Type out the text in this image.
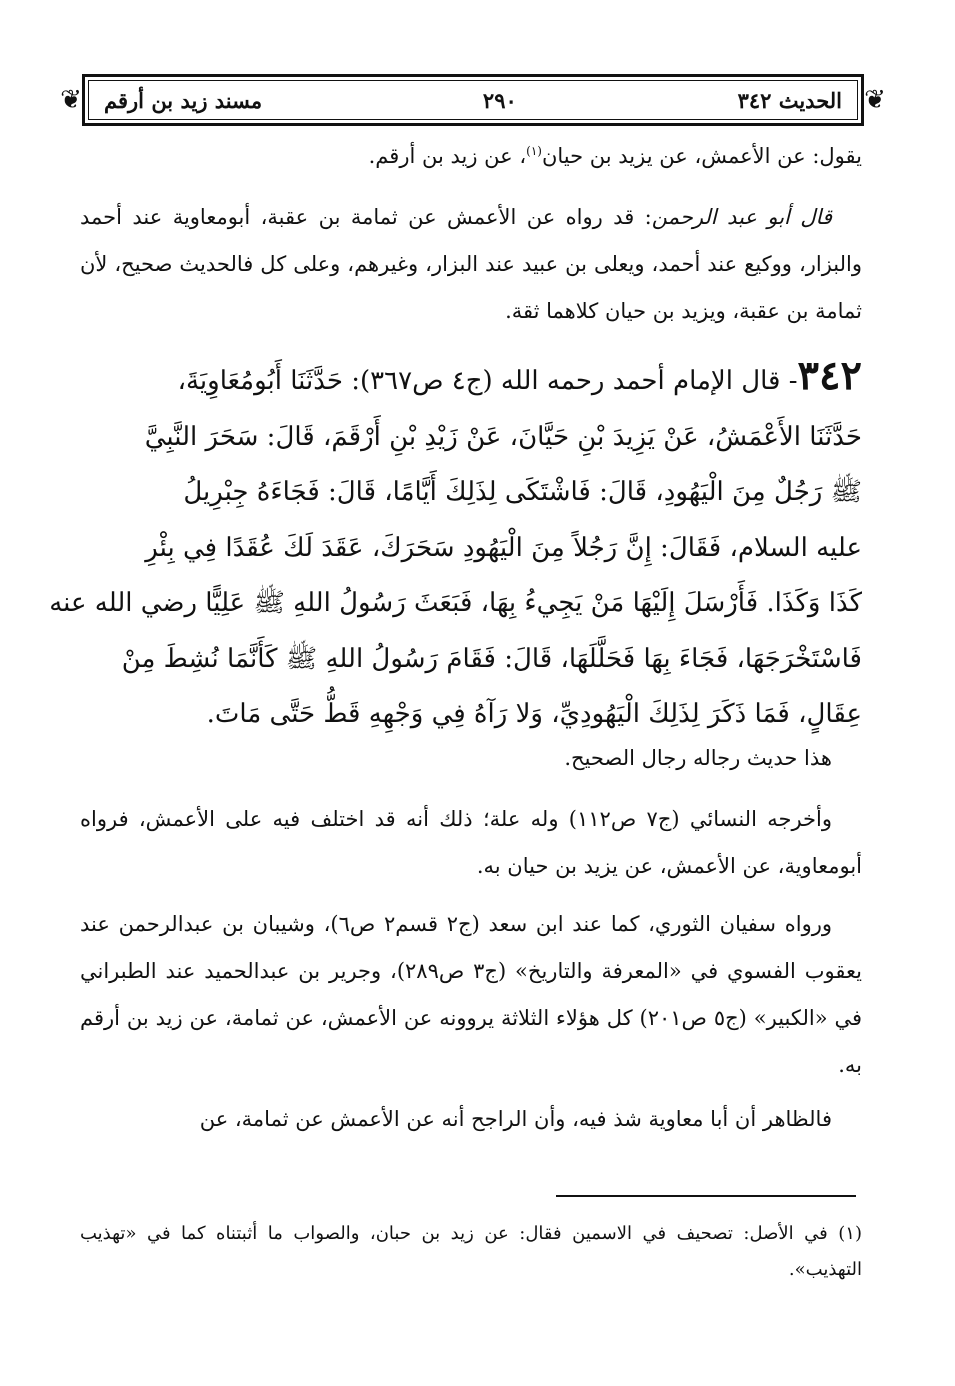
❦	الحديث ٣٤٢
٢٩٠
مسند زيد بن أرقم	❦
يقول: عن الأعمش، عن يزيد بن حيان$^{(١)}$، عن زيد بن أرقم.
قال أبو عبد الرحمن: قد رواه عن الأعمش عن ثمامة بن عقبة، أبومعاوية عند أحمد والبزار، ووكيع عند أحمد، ويعلى بن عبيد عند البزار، وغيرهم، وعلى كل فالحديث صحيح، لأن ثمامة بن عقبة، ويزيد بن حيان كلاهما ثقة.
٣٤٢- قال الإمام أحمد رحمه الله (ج٤ ص٣٦٧): حَدَّثَنَا أَبُومُعَاوِيَةَ،
حَدَّثَنَا الأَعْمَشُ، عَنْ يَزِيدَ بْنِ حَيَّانَ، عَنْ زَيْدِ بْنِ أَرْقَمَ، قَالَ: سَحَرَ النَّبِيَّ
ﷺ رَجُلٌ مِنَ الْيَهُودِ، قَالَ: فَاشْتَكَى لِذَلِكَ أَيَّامًا، قَالَ: فَجَاءَهُ جِبْرِيلُ
عليه السلام، فَقَالَ: إِنَّ رَجُلاً مِنَ الْيَهُودِ سَحَرَكَ، عَقَدَ لَكَ عُقَدًا فِي بِئْرِ
كَذَا وَكَذَا. فَأَرْسَلَ إِلَيْهَا مَنْ يَجِيءُ بِهَا، فَبَعَثَ رَسُولُ اللهِ ﷺ عَلِيًّا رضي الله عنه
فَاسْتَخْرَجَهَا، فَجَاءَ بِهَا فَحَلَّلَهَا، قَالَ: فَقَامَ رَسُولُ اللهِ ﷺ كَأَنَّمَا نُشِطَ مِنْ
عِقَالٍ، فَمَا ذَكَرَ لِذَلِكَ الْيَهُودِيِّ، وَلا رَآهُ فِي وَجْهِهِ قَطُّ حَتَّى مَاتَ.
هذا حديث رجاله رجال الصحيح.
وأخرجه النسائي (ج٧ ص١١٢) وله علة؛ ذلك أنه قد اختلف فيه على الأعمش، فرواه أبومعاوية، عن الأعمش، عن يزيد بن حيان به.
ورواه سفيان الثوري، كما عند ابن سعد (ج٢ قسم٢ ص٦)، وشيبان بن عبدالرحمن عند يعقوب الفسوي في «المعرفة والتاريخ» (ج٣ ص٢٨٩)، وجرير بن عبدالحميد عند الطبراني في «الكبير» (ج٥ ص٢٠١) كل هؤلاء الثلاثة يروونه عن الأعمش، عن ثمامة، عن زيد بن أرقم به.
فالظاهر أن أبا معاوية شذ فيه، وأن الراجح أنه عن الأعمش عن ثمامة، عن
(١) في الأصل: تصحيف في الاسمين فقال: عن زيد بن حبان، والصواب ما أثبتناه كما في «تهذيب التهذيب».
